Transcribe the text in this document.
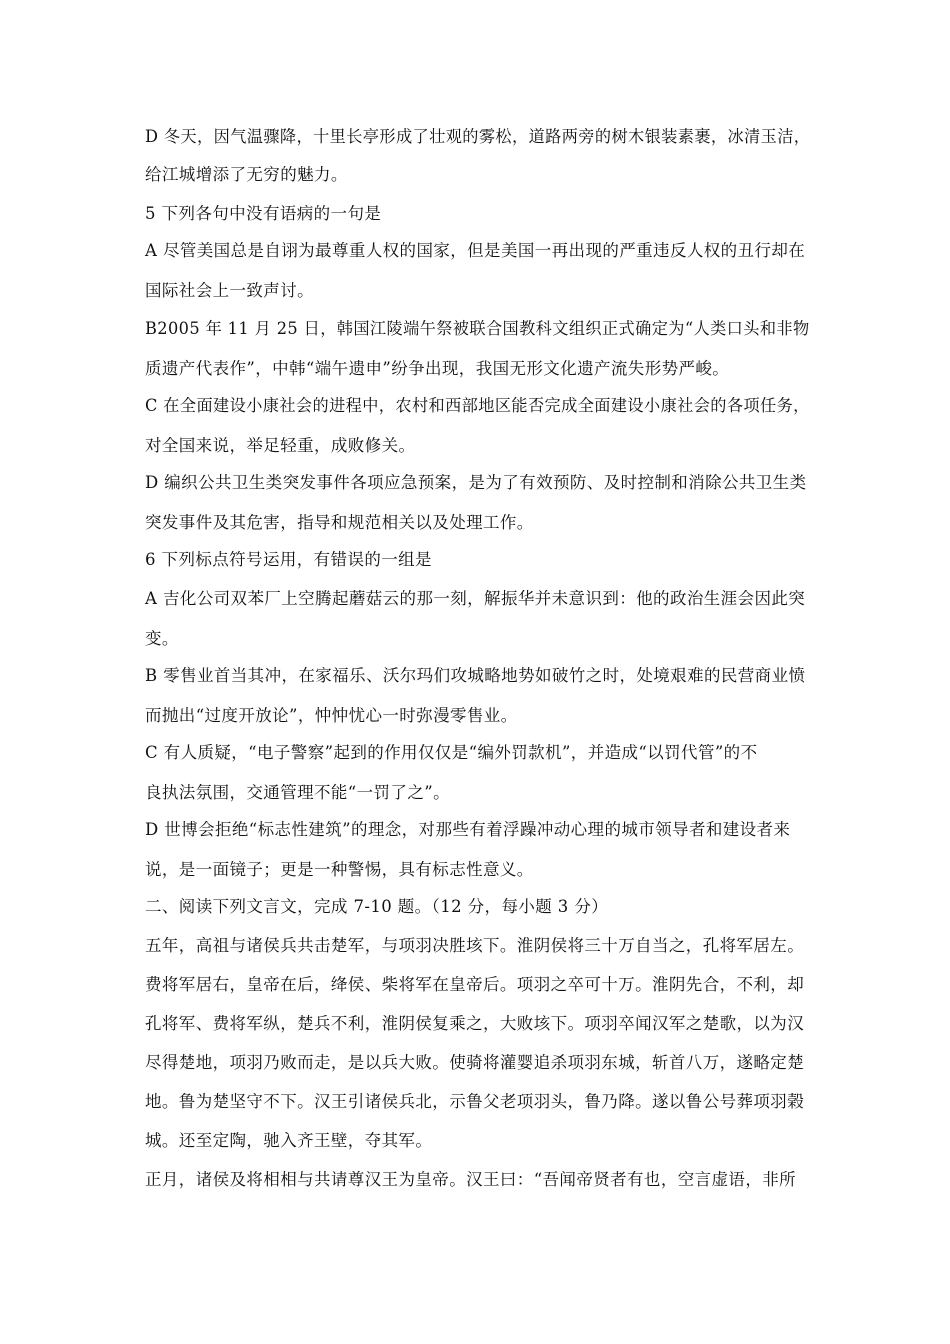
D 冬天，因气温骤降，十里长亭形成了壮观的雾松，道路两旁的树木银装素裹，冰清玉洁，
给江城增添了无穷的魅力。
5 下列各句中没有语病的一句是
A 尽管美国总是自诩为最尊重人权的国家，但是美国一再出现的严重违反人权的丑行却在
国际社会上一致声讨。
B2005 年 11 月 25 日，韩国江陵端午祭被联合国教科文组织正式确定为“人类口头和非物
质遗产代表作”，中韩“端午遗申”纷争出现，我国无形文化遗产流失形势严峻。
C 在全面建设小康社会的进程中，农村和西部地区能否完成全面建设小康社会的各项任务，
对全国来说，举足轻重，成败修关。
D 编织公共卫生类突发事件各项应急预案，是为了有效预防、及时控制和消除公共卫生类
突发事件及其危害，指导和规范相关以及处理工作。
6 下列标点符号运用，有错误的一组是
A 吉化公司双苯厂上空腾起蘑菇云的那一刻，解振华并未意识到：他的政治生涯会因此突
变。
B 零售业首当其冲，在家福乐、沃尔玛们攻城略地势如破竹之时，处境艰难的民营商业愤
而抛出“过度开放论”，忡忡忧心一时弥漫零售业。
C 有人质疑，“电子警察”起到的作用仅仅是“编外罚款机”，并造成“以罚代管”的不
良执法氛围，交通管理不能“一罚了之”。
D 世博会拒绝“标志性建筑”的理念，对那些有着浮躁冲动心理的城市领导者和建设者来
说，是一面镜子；更是一种警惕，具有标志性意义。
二、阅读下列文言文，完成 7-10 题。（12 分，每小题 3 分）
五年，高祖与诸侯兵共击楚军，与项羽决胜垓下。淮阴侯将三十万自当之，孔将军居左。
费将军居右，皇帝在后，绛侯、柴将军在皇帝后。项羽之卒可十万。淮阴先合，不利，却
孔将军、费将军纵，楚兵不利，淮阴侯复乘之，大败垓下。项羽卒闻汉军之楚歌，以为汉
尽得楚地，项羽乃败而走，是以兵大败。使骑将灌婴追杀项羽东城，斩首八万，遂略定楚
地。鲁为楚坚守不下。汉王引诸侯兵北，示鲁父老项羽头，鲁乃降。遂以鲁公号葬项羽榖
城。还至定陶，驰入齐王壁，夺其军。
正月，诸侯及将相相与共请尊汉王为皇帝。汉王曰：“吾闻帝贤者有也，空言虚语，非所
